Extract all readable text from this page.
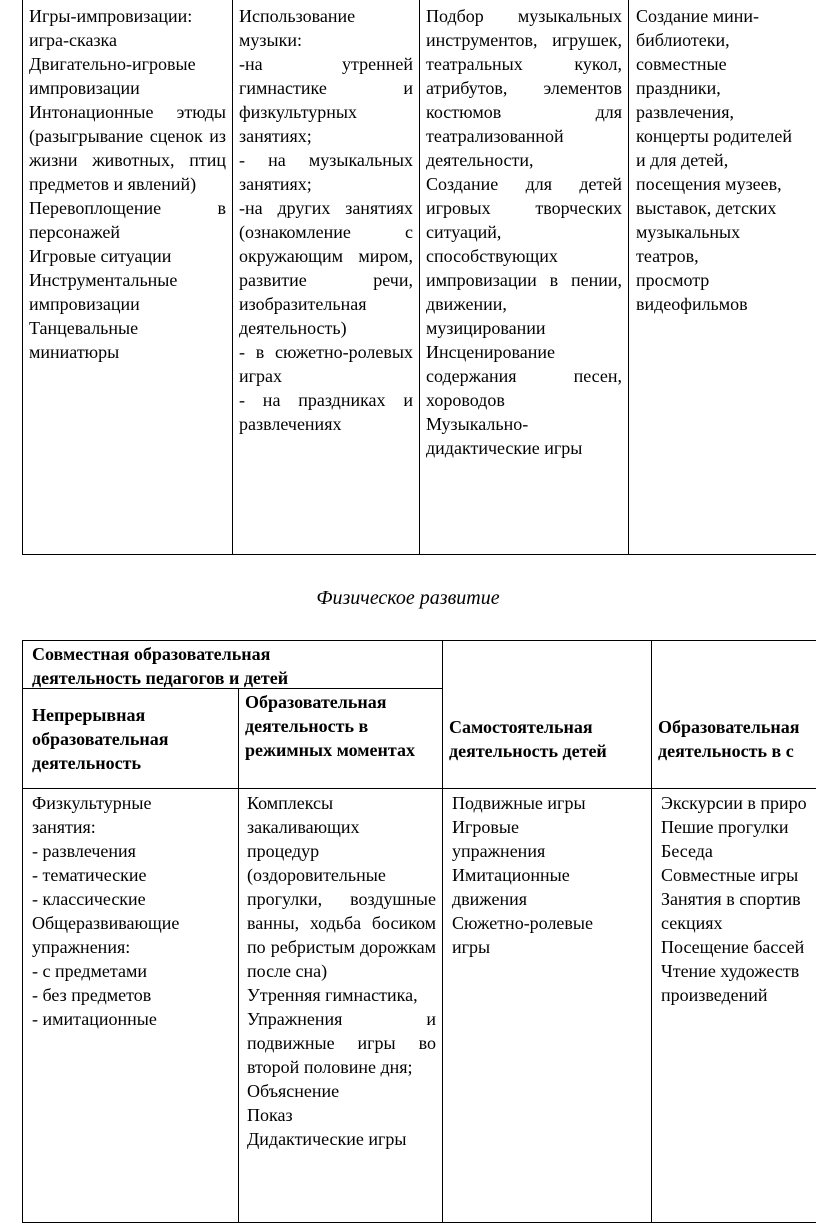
Игры-импровизации: игра-сказка
Двигательно-игровые импровизации
Интонационные этюды (разыгрывание сценок из жизни животных, птиц предметов и явлений)
Перевоплощение в персонажей
Игровые ситуации
Инструментальные импровизации
Танцевальные миниатюры
Использование музыки:
-на утренней гимнастике и физкультурных занятиях;
- на музыкальных занятиях;
-на других занятиях (ознакомление с окружающим миром, развитие речи, изобразительная деятельность)
- в сюжетно-ролевых играх
- на праздниках и развлечениях
Подбор музыкальных инструментов, игрушек, театральных кукол, атрибутов, элементов костюмов для театрализованной деятельности,
Создание для детей игровых творческих ситуаций, способствующих импровизации в пении, движении, музицировании
Инсценирование содержания песен, хороводов
Музыкально-дидактические игры
Создание мини-
библиотеки,
совместные
праздники,
развлечения,
концерты родителей
и для детей,
посещения музеев,
выставок, детских
музыкальных
театров,
просмотр
видеофильмов
Физическое развитие
Совместная образовательная деятельность педагогов и детей
Непрерывная образовательная деятельность
Образовательная деятельность в режимных моментах
Самостоятельная деятельность детей
Образовательная деятельность в с
Физкультурные занятия:
- развлечения
- тематические
- классические
Общеразвивающие упражнения:
- с предметами
- без предметов
- имитационные
Комплексы закаливающих процедур (оздоровительные прогулки, воздушные ванны, ходьба босиком по ребристым дорожкам после сна)
Утренняя гимнастика,
Упражнения и подвижные игры во второй половине дня;
Объяснение
Показ
Дидактические игры
Подвижные игры
Игровые упражнения
Имитационные движения
Сюжетно-ролевые игры
Экскурсии в приро
Пешие прогулки
Беседа
Совместные игры
Занятия в спортив
секциях
Посещение бассей
Чтение художеств
произведений
